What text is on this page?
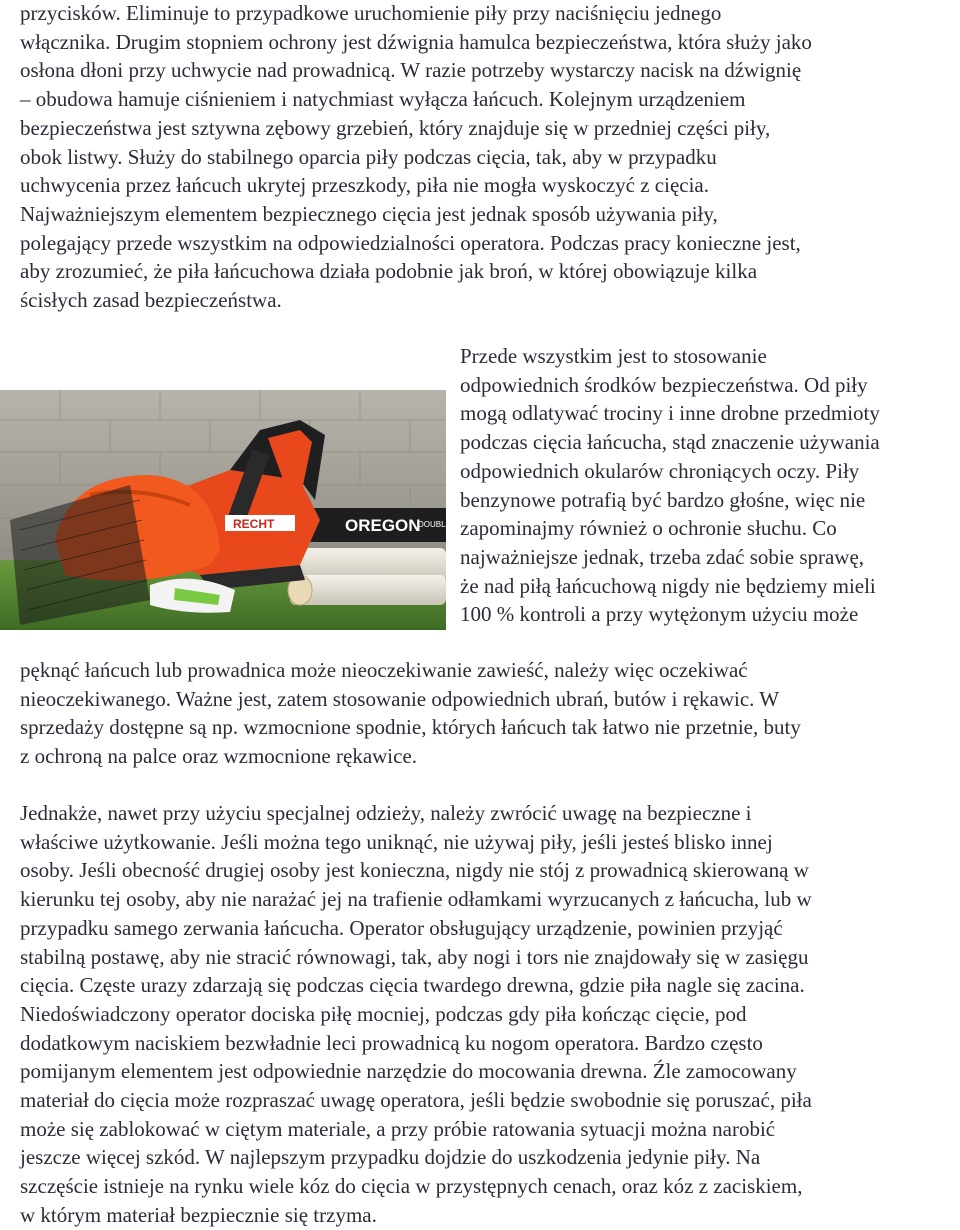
przycisków. Eliminuje to przypadkowe uruchomienie piły przy naciśnięciu jednego
włącznika. Drugim stopniem ochrony jest dźwignia hamulca bezpieczeństwa, która służy jako
osłona dłoni przy uchwycie nad prowadnicą. W razie potrzeby wystarczy nacisk na dźwignię
– obudowa hamuje ciśnieniem i natychmiast wyłącza łańcuch. Kolejnym urządzeniem
bezpieczeństwa jest sztywna zębowy grzebień, który znajduje się w przedniej części piły,
obok listwy. Służy do stabilnego oparcia piły podczas cięcia, tak, aby w przypadku
uchwycenia przez łańcuch ukrytej przeszkody, piła nie mogła wyskoczyć z cięcia.
Najważniejszym elementem bezpiecznego cięcia jest jednak sposób używania piły,
polegający przede wszystkim na odpowiedzialności operatora. Podczas pracy konieczne jest,
aby zrozumieć, że piła łańcuchowa działa podobnie jak broń, w której obowiązuje kilka
ścisłych zasad bezpieczeństwa.
OREGON
DOUBLE GU
RECHT
Przede wszystkim jest to stosowanie
odpowiednich środków bezpieczeństwa. Od piły
mogą odlatywać trociny i inne drobne przedmioty
podczas cięcia łańcucha, stąd znaczenie używania
odpowiednich okularów chroniących oczy. Piły
benzynowe potrafią być bardzo głośne, więc nie
zapominajmy również o ochronie słuchu. Co
najważniejsze jednak, trzeba zdać sobie sprawę,
że nad piłą łańcuchową nigdy nie będziemy mieli
100 % kontroli a przy wytężonym użyciu może
pęknąć łańcuch lub prowadnica może nieoczekiwanie zawieść, należy więc oczekiwać
nieoczekiwanego. Ważne jest, zatem stosowanie odpowiednich ubrań, butów i rękawic. W
sprzedaży dostępne są np. wzmocnione spodnie, których łańcuch tak łatwo nie przetnie, buty
z ochroną na palce oraz wzmocnione rękawice.
Jednakże, nawet przy użyciu specjalnej odzieży, należy zwrócić uwagę na bezpieczne i
właściwe użytkowanie. Jeśli można tego uniknąć, nie używaj piły, jeśli jesteś blisko innej
osoby. Jeśli obecność drugiej osoby jest konieczna, nigdy nie stój z prowadnicą skierowaną w
kierunku tej osoby, aby nie narażać jej na trafienie odłamkami wyrzucanych z łańcucha, lub w
przypadku samego zerwania łańcucha. Operator obsługujący urządzenie, powinien przyjąć
stabilną postawę, aby nie stracić równowagi, tak, aby nogi i tors nie znajdowały się w zasięgu
cięcia. Częste urazy zdarzają się podczas cięcia twardego drewna, gdzie piła nagle się zacina.
Niedoświadczony operator dociska piłę mocniej, podczas gdy piła kończąc cięcie, pod
dodatkowym naciskiem bezwładnie leci prowadnicą ku nogom operatora. Bardzo często
pomijanym elementem jest odpowiednie narzędzie do mocowania drewna. Źle zamocowany
materiał do cięcia może rozpraszać uwagę operatora, jeśli będzie swobodnie się poruszać, piła
może się zablokować w ciętym materiale, a przy próbie ratowania sytuacji można narobić
jeszcze więcej szkód. W najlepszym przypadku dojdzie do uszkodzenia jedynie piły. Na
szczęście istnieje na rynku wiele kóz do cięcia w przystępnych cenach, oraz kóz z zaciskiem,
w którym materiał bezpiecznie się trzyma.
